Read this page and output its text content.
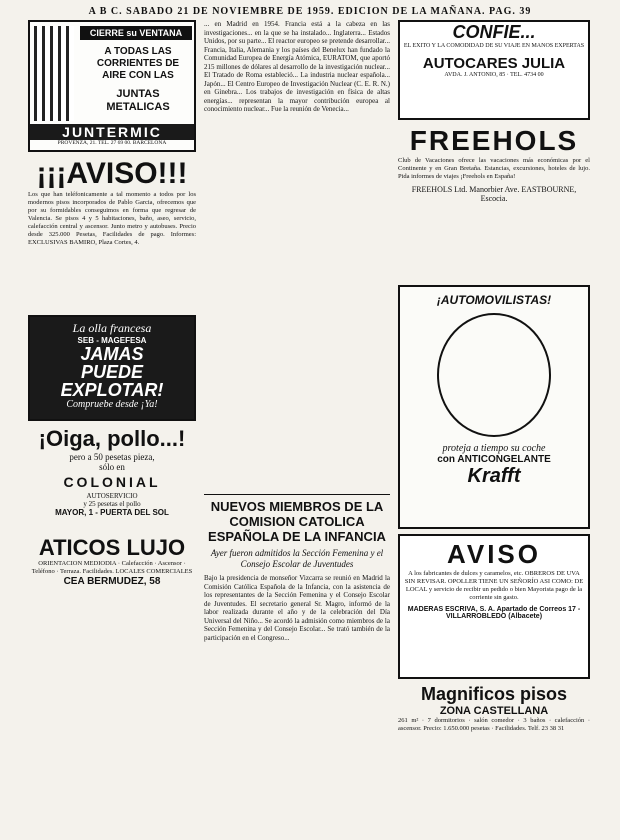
A B C. SABADO 21 DE NOVIEMBRE DE 1959. EDICION DE LA MAÑANA. PAG. 39
CIERRE su VENTANA
A TODAS LAS
CORRIENTES DE
AIRE CON LAS
JUNTAS METALICAS
JUNTERMIC
PROVENZA, 21. TEL. 27 69 00. BARCELONA
¡¡¡AVISO!!!
Los que han teléfonicamente a tal momento a todos por los modernos pisos incorporados de Pablo Garcia, ofrecemos que por su formidables conseguimos en forma que regresar de Valencia. Se pisos 4 y 5 habitaciones, baño, aseo, servicio, calefacción central y ascensor. Junto metro y autobuses. Precio desde 325.000 Pesetas, Facilidades de pago. Informes: EXCLUSIVAS BAMIRO, Plaza Cortes, 4.
La olla francesa
SEB - MAGEFESA
JAMAS
PUEDE
EXPLOTAR!
Compruebe desde ¡Ya!
¡Oiga, pollo...!
pero a 50 pesetas pieza,
sólo en
COLONIAL
AUTOSERVICIO
y 25 pesetas el pollo
MAYOR, 1 - PUERTA DEL SOL
ATICOS LUJO
ORIENTACION MEDIODIA · Calefacción · Ascensor · Teléfono · Terraza. Facilidades. LOCALES COMERCIALES
CEA BERMUDEZ, 58
... en Madrid en 1954. Francia está a la cabeza en las investigaciones... en la que se ha instalado... Inglaterra... Estados Unidos, por su parte... El reactor europeo se pretende desarrollar... Francia, Italia, Alemania y los países del Benelux han fundado la Comunidad Europea de Energía Atómica, EURATOM, que aportó 215 millones de dólares al desarrollo de la investigación nuclear... El Tratado de Roma estableció... La industria nuclear española... Japón... El Centro Europeo de Investigación Nuclear (C. E. R. N.) en Ginebra... Los trabajos de investigación en física de altas energías... representan la mayor contribución europea al conocimiento nuclear... Fue la reunión de Venecia...
NUEVOS MIEMBROS DE LA COMISION CATOLICA ESPAÑOLA DE LA INFANCIA
Ayer fueron admitidos la Sección Femenina y el Consejo Escolar de Juventudes
Bajo la presidencia de monseñor Vizcarra se reunió en Madrid la Comisión Católica Española de la Infancia, con la asistencia de los representantes de la Sección Femenina y el Consejo Escolar de Juventudes. El secretario general Sr. Magro, informó de la labor realizada durante el año y de la celebración del Día Universal del Niño... Se acordó la admisión como miembros de la Sección Femenina y del Consejo Escolar... Se trató también de la participación en el Congreso...
CONFIE...
EL EXITO Y LA COMODIDAD DE SU VIAJE EN MANOS EXPERTAS
AUTOCARES JULIA
AVDA. J. ANTONIO, 85 · TEL. 4734 00
FREEHOLS
Club de Vacaciones ofrece las vacaciones más económicas por el Continente y en Gran Bretaña. Estancias, excursiones, hoteles de lujo. Pida informes de viajes ¡Freehols en España!
FREEHOLS Ltd. Manorbier Ave. EASTBOURNE, Escocia.
¡AUTOMOVILISTAS!
proteja a tiempo su coche
con ANTICONGELANTE
Krafft
AVISO
A los fabricantes de dulces y caramelos, etc. OBREROS DE UVA SIN REVISAR. OPOLLER TIENE UN SEÑORÍO ASI COMO: DE LOCAL y servicio de recibir un pedido o bien Mayorista pago de la corriente sin gasto.
MADERAS ESCRIVA, S. A. Apartado de Correos 17 - VILLARROBLEDO (Albacete)
Magnificos pisos
ZONA CASTELLANA
261 m² · 7 dormitorios · salón comedor · 3 baños · calefacción · ascensor. Precio: 1.650.000 pesetas · Facilidades. Telf. 23 38 31
